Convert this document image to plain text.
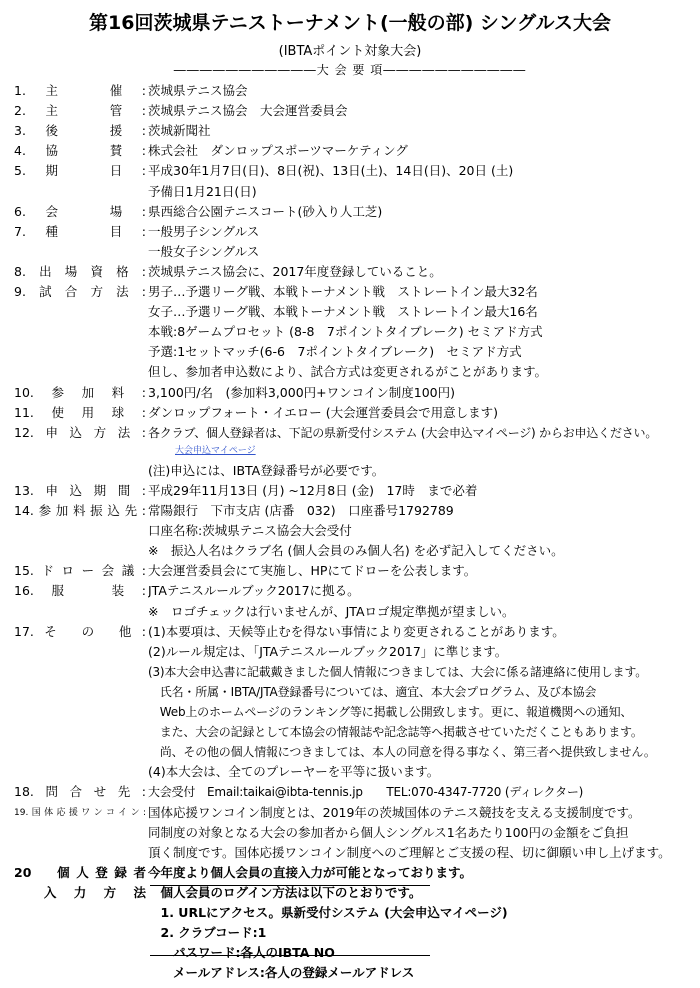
第16回茨城県テニストーナメント(一般の部) シングルス大会
(IBTAポイント対象大会)
―――――――――――大 会 要 項―――――――――――
1.主　催: 茨城県テニス協会
2.主　管: 茨城県テニス協会　大会運営委員会
3.後　援: 茨城新聞社
4.協　賛: 株式会社　ダンロップスポーツマーケティング
5.期　日: 平成30年1月7日(日)、8日(祝)、13日(土)、14日(日)、20日 (土)
予備日1月21日(日)
6.会　場: 県西総合公園テニスコート(砂入り人工芝)
7.種　目: 一般男子シングルス
一般女子シングルス
8.出場資格: 茨城県テニス協会に、2017年度登録していること。
9.試合方法: 男子…予選リーグ戦、本戦トーナメント戦　ストレートイン最大32名
女子…予選リーグ戦、本戦トーナメント戦　ストレートイン最大16名
本戦:8ゲームプロセット (8-8　7ポイントタイブレーク) セミアド方式
予選:1セットマッチ(6-6　7ポイントタイブレーク)　セミアド方式
但し、参加者申込数により、試合方式は変更されるがことがあります。
10.参加料: 3,100円/名　(参加料3,000円+ワンコイン制度100円)
11.使用球: ダンロップフォート・イエロー (大会運営委員会で用意します)
12.申込方法: 各クラブ、個人登録者は、下記の県新受付システム (大会申込マイページ) からお申込ください。
大会申込マイページ
(注)申込には、IBTA登録番号が必要です。
13.申込期間: 平成29年11月13日 (月) ~12月8日 (金)　17時　まで必着
14.参加料振込先: 常陽銀行　下市支店 (店番　032)　口座番号1792789
口座名称:茨城県テニス協会大会受付
※　振込人名はクラブ名 (個人会員のみ個人名) を必ず記入してください。
15.ドロー会議: 大会運営委員会にて実施し、HPにてドローを公表します。
16.服　装: JTAテニスルールブック2017に拠る。
※　ロゴチェックは行いませんが、JTAロゴ規定準拠が望ましい。
17.そ の 他: (1)本要項は、天候等止むを得ない事情により変更されることがあります。
(2)ルール規定は、「JTAテニスルールブック2017」に準じます。
(3)本大会申込書に記載戴きました個人情報につきましては、大会に係る諸連絡に使用します。
　氏名・所属・IBTA/JTA登録番号については、適宜、本大会プログラム、及び本協会
　Web上のホームページのランキング等に掲載し公開致します。更に、報道機関への通知、
　また、大会の記録として本協会の情報誌や記念誌等へ掲載させていただくこともあります。
　尚、その他の個人情報につきましては、本人の同意を得る事なく、第三者へ提供致しません。
(4)本大会は、全てのプレーヤーを平等に扱います。
18.問合せ先: 大会受付　Email:taikai@ibta-tennis.jp　　TEL:070-4347-7720 (ディレクター)
19.国体応援ワンコイン: 国体応援ワンコイン制度とは、2019年の茨城国体のテニス競技を支える支援制度です。
同制度の対象となる大会の参加者から個人シングルス1名あたり100円の金額をご負担
頂く制度です。国体応援ワンコイン制度へのご理解とご支援の程、切に御願い申し上げます。
20　個人登録者 今年度より個人会員の直接入力が可能となっております。
　入力方法 　個人会員のログイン方法は以下のとおりです。
　1. URLにアクセス。県新受付システム (大会申込マイページ)
　2. クラブコード:1
　　パスワード:各人のIBTA NO
　　メールアドレス:各人の登録メールアドレス
